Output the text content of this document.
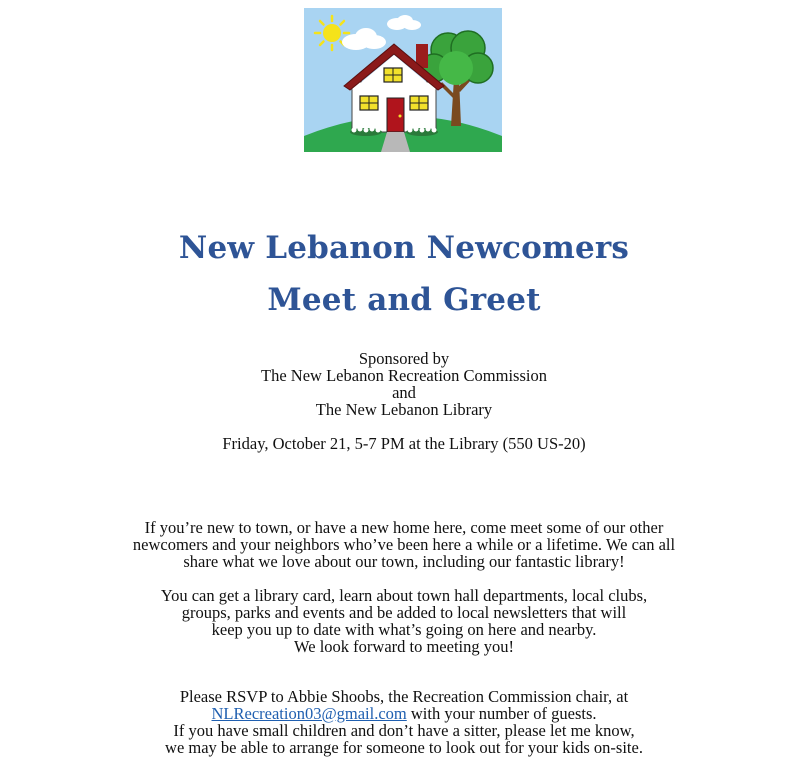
New Lebanon Newcomers
Meet and Greet
Sponsored by
The New Lebanon Recreation Commission
and
The New Lebanon Library
Friday, October 21, 5-7 PM at the Library (550 US-20)
If you’re new to town, or have a new home here, come meet some of our other
newcomers and your neighbors who’ve been here a while or a lifetime. We can all
share what we love about our town, including our fantastic library!
You can get a library card, learn about town hall departments, local clubs,
groups, parks and events and be added to local newsletters that will
keep you up to date with what’s going on here and nearby.
We look forward to meeting you!
Please RSVP to Abbie Shoobs, the Recreation Commission chair, at
NLRecreation03@gmail.com with your number of guests.
If you have small children and don’t have a sitter, please let me know,
we may be able to arrange for someone to look out for your kids on-site.
